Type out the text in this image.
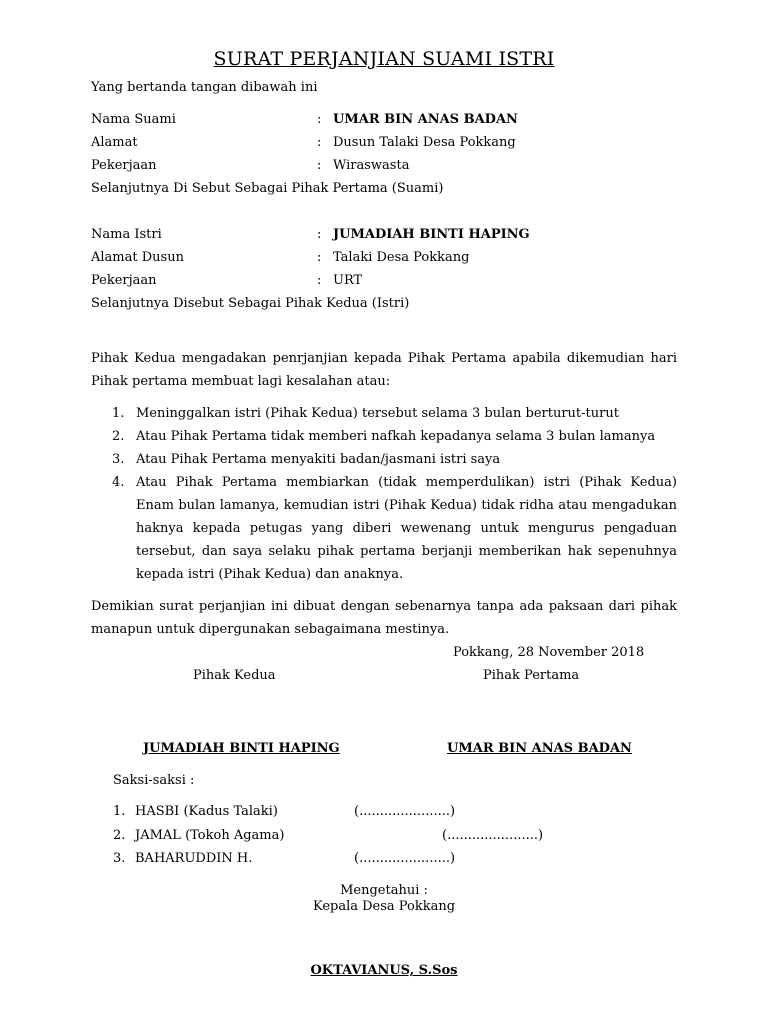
SURAT PERJANJIAN SUAMI ISTRI
Yang bertanda tangan dibawah ini
Nama Suami	: UMAR BIN ANAS BADAN
Alamat	: Dusun Talaki Desa Pokkang
Pekerjaan	: Wiraswasta
Selanjutnya Di Sebut Sebagai Pihak Pertama (Suami)
Nama Istri	: JUMADIAH BINTI HAPING
Alamat Dusun	: Talaki Desa Pokkang
Pekerjaan	: URT
Selanjutnya Disebut Sebagai Pihak Kedua (Istri)
Pihak Kedua mengadakan penrjanjian kepada Pihak Pertama apabila dikemudian hari Pihak pertama membuat lagi kesalahan atau:
1. Meninggalkan istri (Pihak Kedua) tersebut selama 3 bulan berturut-turut
2. Atau Pihak Pertama tidak memberi nafkah kepadanya selama 3 bulan lamanya
3. Atau Pihak Pertama menyakiti badan/jasmani istri saya
4. Atau Pihak Pertama membiarkan (tidak memperdulikan) istri (Pihak Kedua) Enam bulan lamanya, kemudian istri (Pihak Kedua) tidak ridha atau mengadukan haknya kepada petugas yang diberi wewenang untuk mengurus pengaduan tersebut, dan saya selaku pihak pertama berjanji memberikan hak sepenuhnya kepada istri (Pihak Kedua) dan anaknya.
Demikian surat perjanjian ini dibuat dengan sebenarnya tanpa ada paksaan dari pihak manapun untuk dipergunakan sebagaimana mestinya.
Pokkang, 28 November 2018
Pihak Kedua	Pihak Pertama
JUMADIAH BINTI HAPING	UMAR BIN ANAS BADAN
Saksi-saksi :
1. HASBI (Kadus Talaki)	(......................)
2. JAMAL (Tokoh Agama)	(......................)
3. BAHARUDDIN H.	(......................)
Mengetahui :
Kepala Desa Pokkang
OKTAVIANUS, S.Sos
